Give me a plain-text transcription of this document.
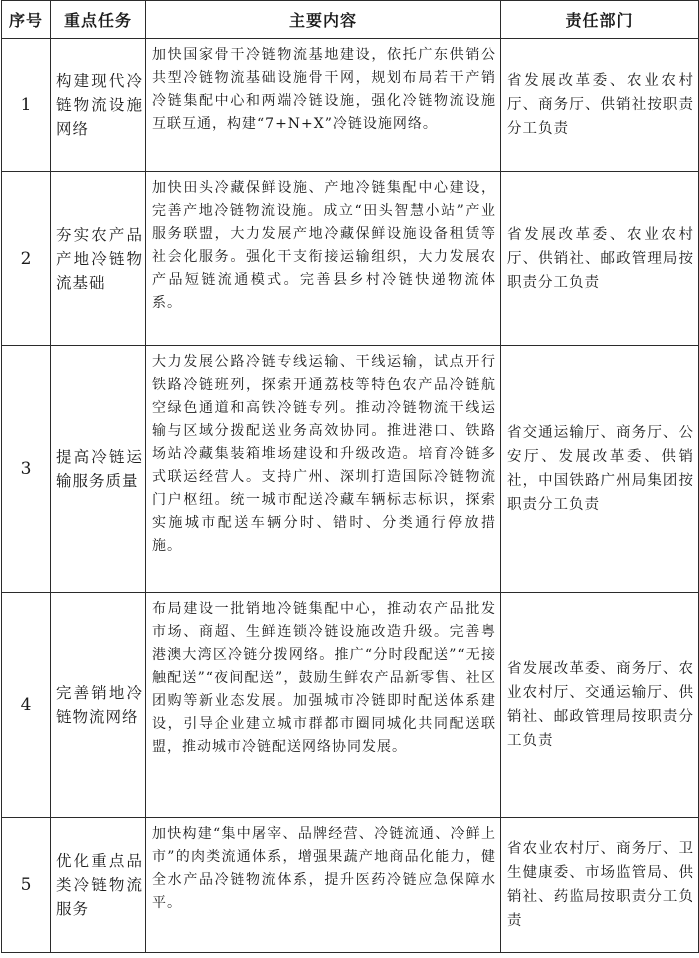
序号	重点任务	主要内容	责任部门
1	构建现代冷链物流设施网络	加快国家骨干冷链物流基地建设，依托广东供销公共型冷链物流基础设施骨干网，规划布局若干产销冷链集配中心和两端冷链设施，强化冷链物流设施互联互通，构建“7+N+X”冷链设施网络。	省发展改革委、农业农村厅、商务厅、供销社按职责分工负责
2	夯实农产品产地冷链物流基础	加快田头冷藏保鲜设施、产地冷链集配中心建设，完善产地冷链物流设施。成立“田头智慧小站”产业服务联盟，大力发展产地冷藏保鲜设施设备租赁等社会化服务。强化干支衔接运输组织，大力发展农产品短链流通模式。完善县乡村冷链快递物流体系。	省发展改革委、农业农村厅、供销社、邮政管理局按职责分工负责
3	提高冷链运输服务质量	大力发展公路冷链专线运输、干线运输，试点开行铁路冷链班列，探索开通荔枝等特色农产品冷链航空绿色通道和高铁冷链专列。推动冷链物流干线运输与区域分拨配送业务高效协同。推进港口、铁路场站冷藏集装箱堆场建设和升级改造。培育冷链多式联运经营人。支持广州、深圳打造国际冷链物流门户枢纽。统一城市配送冷藏车辆标志标识，探索实施城市配送车辆分时、错时、分类通行停放措施。	省交通运输厅、商务厅、公安厅、发展改革委、供销社，中国铁路广州局集团按职责分工负责
4	完善销地冷链物流网络	布局建设一批销地冷链集配中心，推动农产品批发市场、商超、生鲜连锁冷链设施改造升级。完善粤港澳大湾区冷链分拨网络。推广“分时段配送”“无接触配送”“夜间配送”，鼓励生鲜农产品新零售、社区团购等新业态发展。加强城市冷链即时配送体系建设，引导企业建立城市群都市圈同城化共同配送联盟，推动城市冷链配送网络协同发展。	省发展改革委、商务厅、农业农村厅、交通运输厅、供销社、邮政管理局按职责分工负责
5	优化重点品类冷链物流服务	加快构建“集中屠宰、品牌经营、冷链流通、冷鲜上市”的肉类流通体系，增强果蔬产地商品化能力，健全水产品冷链物流体系，提升医药冷链应急保障水平。	省农业农村厅、商务厅、卫生健康委、市场监管局、供销社、药监局按职责分工负责
